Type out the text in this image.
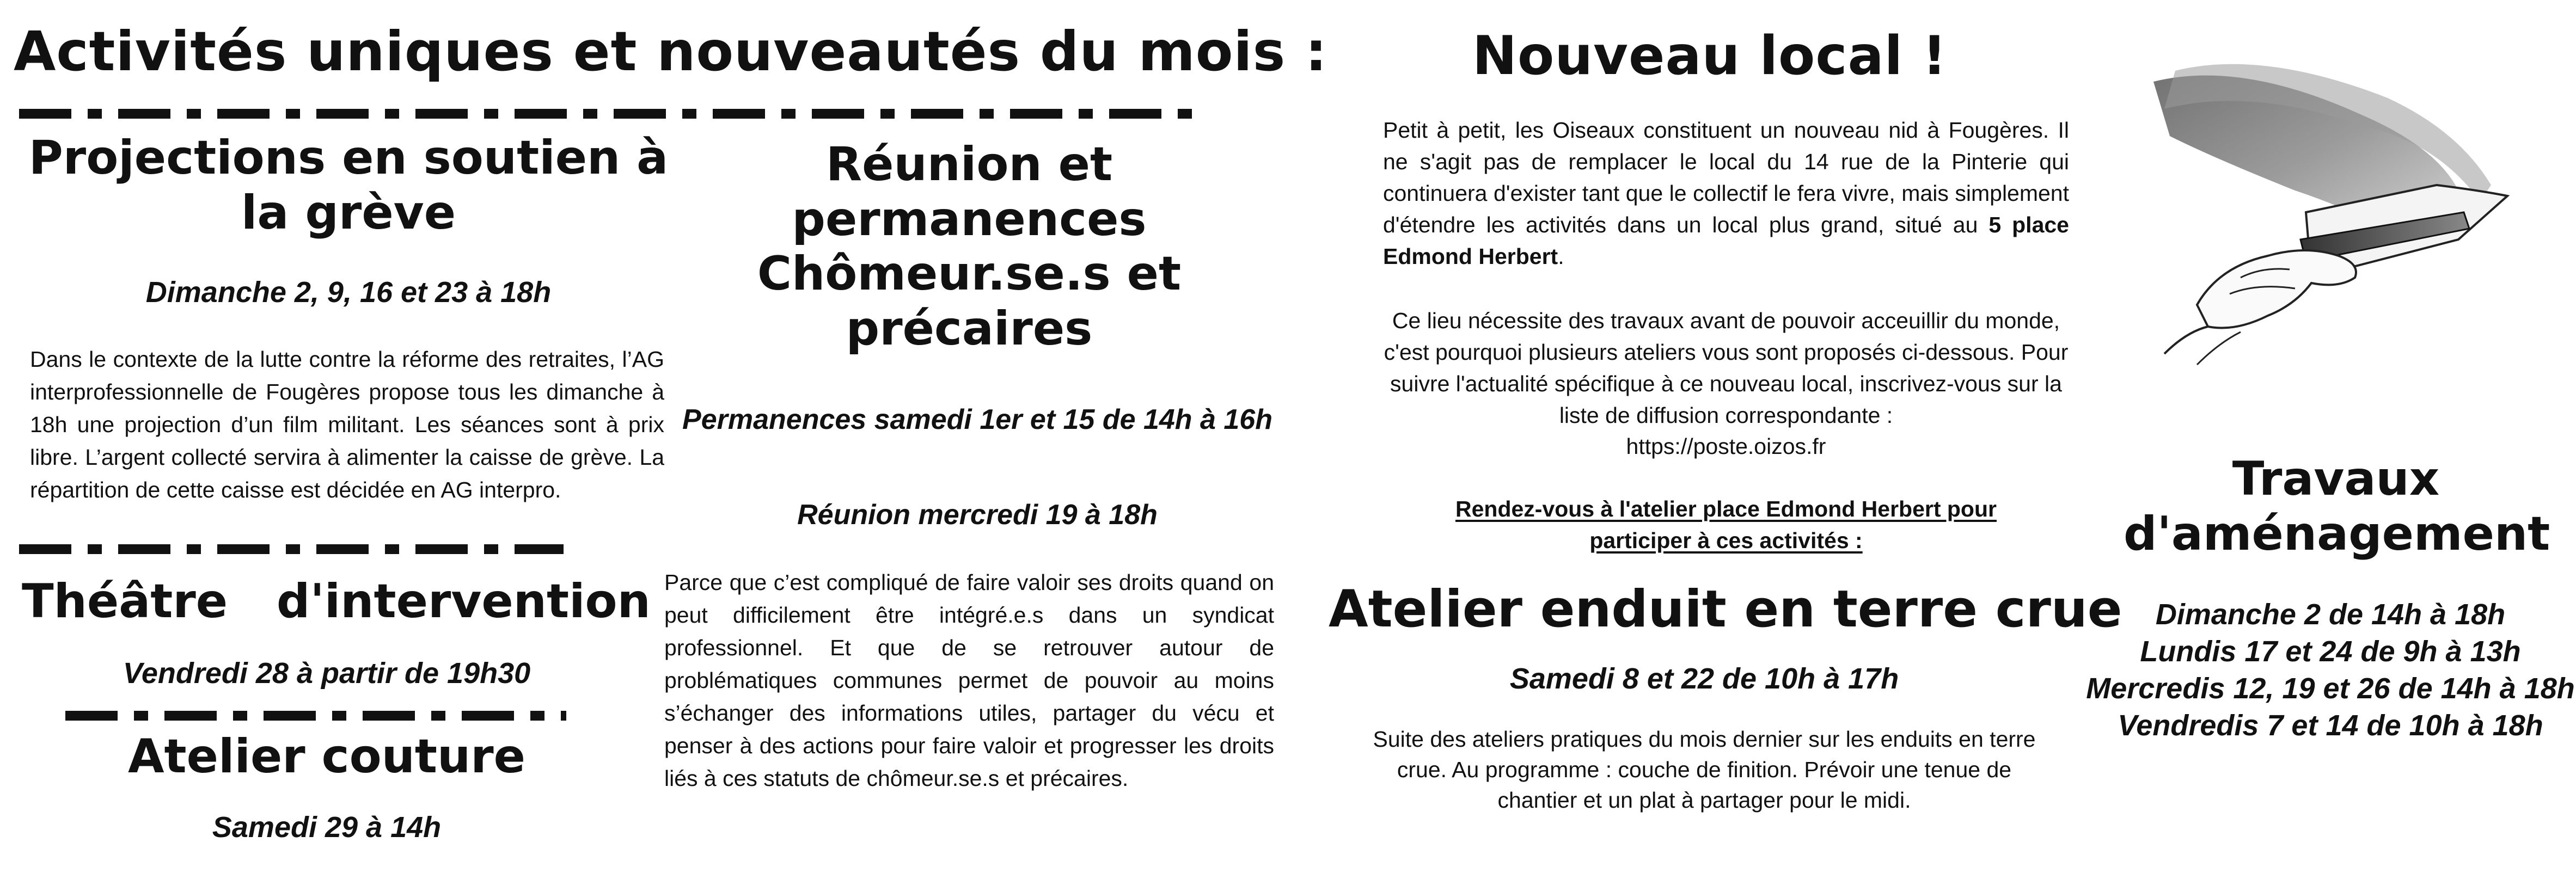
Activités uniques et nouveautés du mois :
Projections en soutien à la grève
Dimanche 2, 9, 16 et 23 à 18h
Dans le contexte de la lutte contre la réforme des retraites, l’AG interprofessionnelle de Fougères propose tous les dimanche à 18h une projection d’un film militant. Les séances sont à prix libre. L’argent collecté servira à alimenter la caisse de grève. La répartition de cette caisse est décidée en AG interpro.
Théâtre   d'intervention
Vendredi 28 à partir de 19h30
Atelier couture
Samedi 29 à 14h
Réunion et permanences Chômeur.se.s et précaires
Permanences samedi 1er et 15 de 14h à 16h
Réunion mercredi 19 à 18h
Parce que c’est compliqué de faire valoir ses droits quand on peut difficilement être intégré.e.s dans un syndicat professionnel. Et que de se retrouver autour de problématiques communes permet de pouvoir au moins s’échanger des informations utiles, partager du vécu et penser à des actions pour faire valoir et progresser les droits liés à ces statuts de chômeur.se.s et précaires.
Nouveau local !
Petit à petit, les Oiseaux constituent un nouveau nid à Fougères. Il ne s'agit pas de remplacer le local du 14 rue de la Pinterie qui continuera d'exister tant que le collectif le fera vivre, mais simplement d'étendre les activités dans un local plus grand, situé au 5 place Edmond Herbert.
Ce lieu nécessite des travaux avant de pouvoir acceuillir du monde, c'est pourquoi plusieurs ateliers vous sont proposés ci-dessous. Pour suivre l'actualité spécifique à ce nouveau local, inscrivez-vous sur la liste de diffusion correspondante :
https://poste.oizos.fr
Rendez-vous à l'atelier place Edmond Herbert pour
participer à ces activités :
Atelier enduit en terre crue
Samedi 8 et 22 de 10h à 17h
Suite des ateliers pratiques du mois dernier sur les enduits en terre crue. Au programme : couche de finition. Prévoir une tenue de chantier et un plat à partager pour le midi.
Travaux
d'aménagement
Dimanche 2 de 14h à 18h
Lundis 17 et 24 de 9h à 13h
Mercredis 12, 19 et 26 de 14h à 18h
Vendredis 7 et 14 de 10h à 18h
